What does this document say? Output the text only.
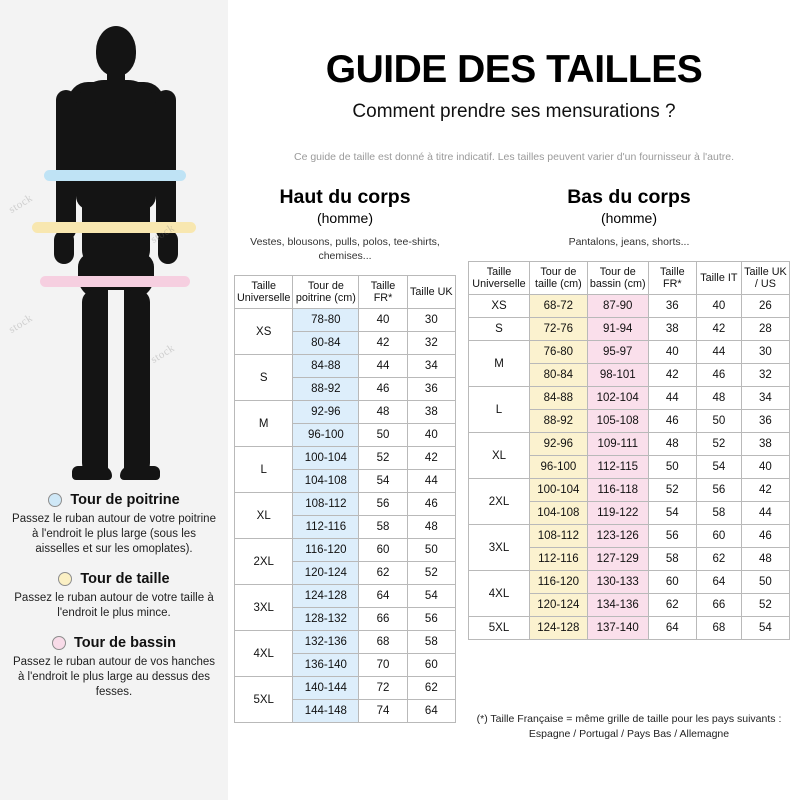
stock
stock
stock
stock
Tour de poitrine
Passez le ruban autour de votre poitrine à l'endroit le plus large (sous les aisselles et sur les omoplates).
Tour de taille
Passez le ruban autour de votre taille à l'endroit le plus mince.
Tour de bassin
Passez le ruban autour de vos hanches à l'endroit le plus large au dessus des fesses.
GUIDE DES TAILLES
Comment prendre ses mensurations ?
Ce guide de taille est donné à titre indicatif. Les tailles peuvent varier d'un fournisseur à l'autre.
Haut du corps
(homme)
Vestes, blousons, pulls, polos, tee-shirts, chemises...
Taille Universelle	Tour de poitrine (cm)	Taille FR*	Taille UK
XS	78-80	40	30
	80-84	42	32
S	84-88	44	34
	88-92	46	36
M	92-96	48	38
	96-100	50	40
L	100-104	52	42
	104-108	54	44
XL	108-112	56	46
	112-116	58	48
2XL	116-120	60	50
	120-124	62	52
3XL	124-128	64	54
	128-132	66	56
4XL	132-136	68	58
	136-140	70	60
5XL	140-144	72	62
	144-148	74	64
Bas du corps
(homme)
Pantalons, jeans, shorts...
Taille Universelle	Tour de taille (cm)	Tour de bassin (cm)	Taille FR*	Taille IT	Taille UK / US
XS	68-72	87-90	36	40	26
S	72-76	91-94	38	42	28
M	76-80	95-97	40	44	30
	80-84	98-101	42	46	32
L	84-88	102-104	44	48	34
	88-92	105-108	46	50	36
XL	92-96	109-111	48	52	38
	96-100	112-115	50	54	40
2XL	100-104	116-118	52	56	42
	104-108	119-122	54	58	44
3XL	108-112	123-126	56	60	46
	112-116	127-129	58	62	48
4XL	116-120	130-133	60	64	50
	120-124	134-136	62	66	52
5XL	124-128	137-140	64	68	54
(*) Taille Française = même grille de taille pour les pays suivants : Espagne / Portugal / Pays Bas / Allemagne
